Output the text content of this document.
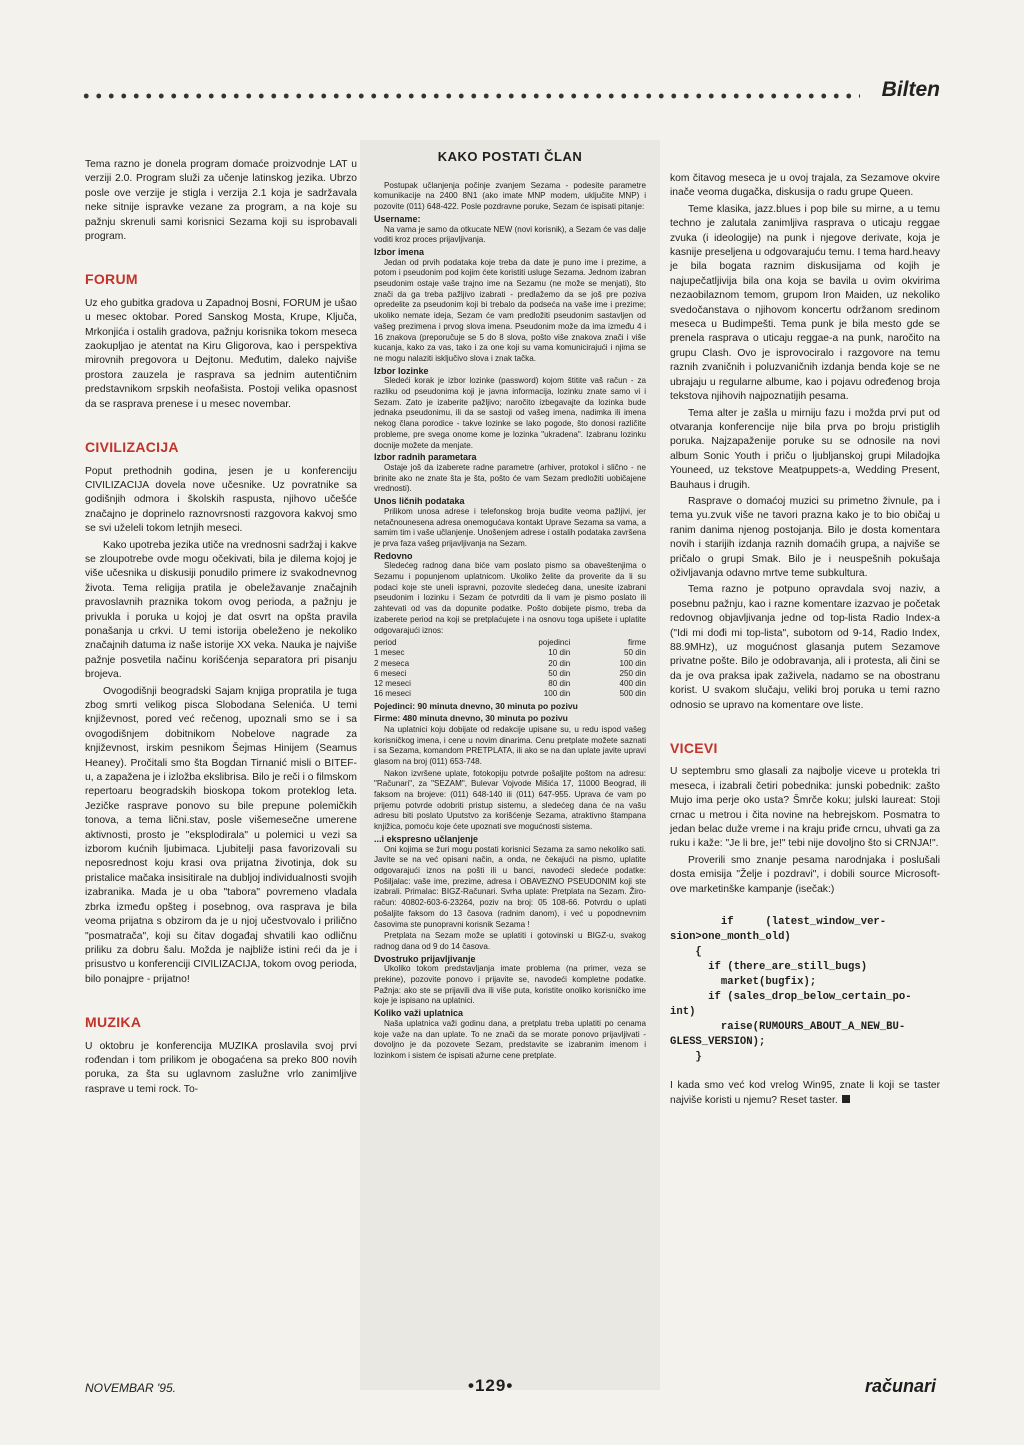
Bilten

Tema razno je donela program domaće proizvodnje LAT u verziji 2.0. Program služi za učenje latinskog jezika. Ubrzo posle ove verzije je stigla i verzija 2.1 koja je sadržavala neke sitnije ispravke vezane za program, a na koje su pažnju skrenuli sami korisnici Sezama koji su isprobavali program.

FORUM

Uz eho gubitka gradova u Zapadnoj Bosni, FORUM je ušao u mesec oktobar. Pored Sanskog Mosta, Krupe, Ključa, Mrkonjića i ostalih gradova, pažnju korisnika tokom meseca zaokupljao je atentat na Kiru Gligorova, kao i perspektiva mirovnih pregovora u Dejtonu. Međutim, daleko najviše prostora zauzela je rasprava sa jednim autentičnim predstavnikom srpskih neofašista. Postoji velika opasnost da se rasprava prenese i u mesec novembar.

CIVILIZACIJA

Poput prethodnih godina, jesen je u konferenciju CIVILIZACIJA dovela nove učesnike. Uz povratnike sa godišnjih odmora i školskih raspusta, njihovo učešće značajno je doprinelo raznovrsnosti razgovora kakvoj smo se svi uželeli tokom letnjih meseci.

Kako upotreba jezika utiče na vrednosni sadržaj i kakve se zloupotrebe ovde mogu očekivati, bila je dilema kojoj je više učesnika u diskusiji ponudilo primere iz svakodnevnog života. Tema religija pratila je obeležavanje značajnih pravoslavnih praznika tokom ovog perioda, a pažnju je privukla i poruka u kojoj je dat osvrt na opšta pravila ponašanja u crkvi. U temi istorija obeleženo je nekoliko značajnih datuma iz naše istorije XX veka. Nauka je najviše pažnje posvetila načinu korišćenja separatora pri pisanju brojeva.

Ovogodišnji beogradski Sajam knjiga propratila je tuga zbog smrti velikog pisca Slobodana Selenića. U temi književnost, pored već rečenog, upoznali smo se i sa ovogodišnjem dobitnikom Nobelove nagrade za književnost, irskim pesnikom Šejmas Hinijem (Seamus Heaney). Pročitali smo šta Bogdan Tirnanić misli o BITEF-u, a zapažena je i izložba ekslibrisa. Bilo je reči i o filmskom repertoaru beogradskih bioskopa tokom proteklog leta. Jezičke rasprave ponovo su bile prepune polemičkih tonova, a tema lični.stav, posle višemesečne umerene aktivnosti, prosto je "eksplodirala" u polemici u vezi sa izborom kućnih ljubimaca. Ljubitelji pasa favorizovali su neposrednost koju krasi ova prijatna životinja, dok su pristalice mačaka insisitirale na dubljoj individualnosti svojih izabranika. Mada je u oba "tabora" povremeno vladala zbrka između opšteg i posebnog, ova rasprava je bila veoma prijatna s obzirom da je u njoj učestvovalo i prilično "posmatrača", koji su čitav događaj shvatili kao odličnu priliku za dobru šalu. Možda je najbliže istini reći da je i prisustvo u konferenciji CIVILIZACIJA, tokom ovog perioda, bilo ponajpre - prijatno!

MUZIKA

U oktobru je konferencija MUZIKA proslavila svoj prvi rođendan i tom prilikom je obogaćena sa preko 800 novih poruka, za šta su uglavnom zaslužne vrlo zanimljive rasprave u temi rock. To-

KAKO POSTATI ČLAN

Postupak učlanjenja počinje zvanjem Sezama - podesite parametre komunikacije na 2400 8N1 (ako imate MNP modem, uključite MNP) i pozovite (011) 648-422. Posle pozdravne poruke, Sezam će ispisati pitanje:

Username:

Na vama je samo da otkucate NEW (novi korisnik), a Sezam će vas dalje voditi kroz proces prijavljivanja.

Izbor imena

Jedan od prvih podataka koje treba da date je puno ime i prezime, a potom i pseudonim pod kojim ćete koristiti usluge Sezama. Jednom izabran pseudonim ostaje vaše trajno ime na Sezamu (ne može se menjati), što znači da ga treba pažljivo izabrati - predlažemo da se još pre poziva opredelite za pseudonim koji bi trebalo da podseća na vaše ime i prezime; ukoliko nemate ideja, Sezam će vam predložiti pseudonim sastavljen od vašeg prezimena i prvog slova imena. Pseudonim može da ima između 4 i 16 znakova (preporučuje se 5 do 8 slova, pošto više znakova znači i više kucanja, kako za vas, tako i za one koji su vama komunicirajući i njima se ne mogu nalaziti isključivo slova i znak tačka.

Izbor lozinke

Sledeći korak je izbor lozinke (password) kojom štitite vaš račun - za razliku od pseudonima koji je javna informacija, lozinku znate samo vi i Sezam. Zato je izaberite pažljivo; naročito izbegavajte da lozinka bude jednaka pseudonimu, ili da se sastoji od vašeg imena, nadimka ili imena nekog člana porodice - takve lozinke se lako pogode, što donosi različite probleme, pre svega onome kome je lozinka "ukradena". Izabranu lozinku docnije možete da menjate.

Izbor radnih parametara

Ostaje još da izaberete radne parametre (arhiver, protokol i slično - ne brinite ako ne znate šta je šta, pošto će vam Sezam predložiti uobičajene vrednosti).

Unos ličnih podataka

Prilikom unosa adrese i telefonskog broja budite veoma pažljivi, jer netačnounesena adresa onemogućava kontakt Uprave Sezama sa vama, a samim tim i vaše učlanjenje. Unošenjem adrese i ostalih podataka završena je prva faza vašeg prijavljivanja na Sezam.

Redovno

Sledećeg radnog dana biće vam poslato pismo sa obaveštenjima o Sezamu i popunjenom uplatnicom. Ukoliko želite da proverite da li su podaci koje ste uneli ispravni, pozovite sledećeg dana, unesite izabrani pseudonim i lozinku i Sezam će potvrditi da li vam je pismo poslato ili zahtevati od vas da dopunite podatke. Pošto dobijete pismo, treba da izaberete period na koji se pretplaćujete i na osnovu toga upišete i uplatite odgovarajući iznos:

period	pojedinci	firme
1 mesec	10 din	50 din
2 meseca	20 din	100 din
6 meseci	50 din	250 din
12 meseci	80 din	400 din
16 meseci	100 din	500 din
Pojedinci: 90 minuta dnevno, 30 minuta po pozivu
Firme: 480 minuta dnevno, 30 minuta po pozivu

Na uplatnici koju dobijate od redakcije upisane su, u redu ispod vašeg korisničkog imena, i cene u novim dinarima. Cenu pretplate možete saznati i sa Sezama, komandom PRETPLATA, ili ako se na dan uplate javite upravi glasom na broj (011) 653-748.

Nakon izvršene uplate, fotokopiju potvrde pošaljite poštom na adresu: "Računari", za "SEZAM", Bulevar Vojvode Mišića 17, 11000 Beograd, ili faksom na brojeve: (011) 648-140 ili (011) 647-955. Uprava će vam po prijemu potvrde odobriti pristup sistemu, a sledećeg dana će na vašu adresu biti poslato Uputstvo za korišćenje Sezama, atraktivno štampana knjižica, pomoću koje ćete upoznati sve mogućnosti sistema.

...i ekspresno učlanjenje

Oni kojima se žuri mogu postati korisnici Sezama za samo nekoliko sati. Javite se na već opisani način, a onda, ne čekajući na pismo, uplatite odgovarajući iznos na pošti ili u banci, navodeći sledeće podatke: Pošiljalac: vaše ime, prezime, adresa i OBAVEZNO PSEUDONIM koji ste izabrali. Primalac: BIGZ-Računari. Svrha uplate: Pretplata na Sezam. Žiro-račun: 40802-603-6-23264, poziv na broj: 05 108-66. Potvrdu o uplati pošaljite faksom do 13 časova (radnim danom), i već u popodnevnim časovima ste punopravni korisnik Sezama !

Pretplata na Sezam može se uplatiti i gotovinski u BIGZ-u, svakog radnog dana od 9 do 14 časova.

Dvostruko prijavljivanje

Ukoliko tokom predstavljanja imate problema (na primer, veza se prekine), pozovite ponovo i prijavite se, navodeći kompletne podatke. Pažnja: ako ste se prijavili dva ili više puta, koristite onoliko korisničko ime koje je ispisano na uplatnici.

Koliko važi uplatnica

Naša uplatnica važi godinu dana, a pretplatu treba uplatiti po cenama koje važe na dan uplate. To ne znači da se morate ponovo prijavljivati - dovoljno je da pozovete Sezam, predstavite se izabranim imenom i lozinkom i sistem će ispisati ažurne cene pretplate.

kom čitavog meseca je u ovoj trajala, za Sezamove okvire inače veoma dugačka, diskusija o radu grupe Queen.

Teme klasika, jazz.blues i pop bile su mirne, a u temu techno je zalutala zanimljiva rasprava o uticaju reggae zvuka (i ideologije) na punk i njegove derivate, koja je kasnije preseljena u odgovarajuću temu. I tema hard.heavy je bila bogata raznim diskusijama od kojih je najupečatljivija bila ona koja se bavila u ovim okvirima nezaobilaznom temom, grupom Iron Maiden, uz nekoliko svedočanstava o njihovom koncertu održanom sredinom meseca u Budimpešti. Tema punk je bila mesto gde se prenela rasprava o uticaju reggae-a na punk, naročito na grupu Clash. Ovo je isprovociralo i razgovore na temu raznih zvaničnih i poluzvaničnih izdanja benda koje se ne ubrajaju u regularne albume, kao i pojavu određenog broja tekstova njihovih najpoznatijih pesama.

Tema alter je zašla u mirniju fazu i možda prvi put od otvaranja konferencije nije bila prva po broju pristiglih poruka. Najzapaženije poruke su se odnosile na novi album Sonic Youth i priču o ljubljanskoj grupi Miladojka Youneed, uz tekstove Meatpuppets-a, Wedding Present, Bauhaus i drugih.

Rasprave o domaćoj muzici su primetno živnule, pa i tema yu.zvuk više ne tavori prazna kako je to bio običaj u ranim danima njenog postojanja. Bilo je dosta komentara novih i starijih izdanja raznih domaćih grupa, a najviše se pričalo o grupi Smak. Bilo je i neuspešnih pokušaja oživljavanja odavno mrtve teme subkultura.

Tema razno je potpuno opravdala svoj naziv, a posebnu pažnju, kao i razne komentare izazvao je početak redovnog objavljivanja jedne od top-lista Radio Index-a ("Idi mi dođi mi top-lista", subotom od 9-14, Radio Index, 88.9MHz), uz mogućnost glasanja putem Sezamove privatne pošte. Bilo je odobravanja, ali i protesta, ali čini se da je ova praksa ipak zaživela, nadamo se na obostranu korist. U svakom slučaju, veliki broj poruka u temi razno odnosio se upravo na komentare ove liste.

VICEVI

U septembru smo glasali za najbolje viceve u protekla tri meseca, i izabrali četiri pobednika: junski pobednik: zašto Mujo ima perje oko usta? Šmrče koku; julski laureat: Stoji crnac u metrou i čita novine na hebrejskom. Posmatra to jedan belac duže vreme i na kraju priđe crncu, uhvati ga za ruku i kaže: "Je li bre, je!" tebi nije dovoljno što si CRNJA!".

Proverili smo znanje pesama narodnjaka i poslušali dosta emisija "Želje i pozdravi", i dobili source Microsoft-ove marketinške kampanje (isečak:)

if     (latest_window_ver-
sion>one_month_old)
{
if (there_are_still_bugs)
market(bugfix);
if (sales_drop_below_certain_po-
int)
raise(RUMOURS_ABOUT_A_NEW_BU-
GLESS_VERSION);
}

I kada smo već kod vrelog Win95, znate li koji se taster najviše koristi u njemu? Reset taster.

NOVEMBAR '95.	•129•	računari
